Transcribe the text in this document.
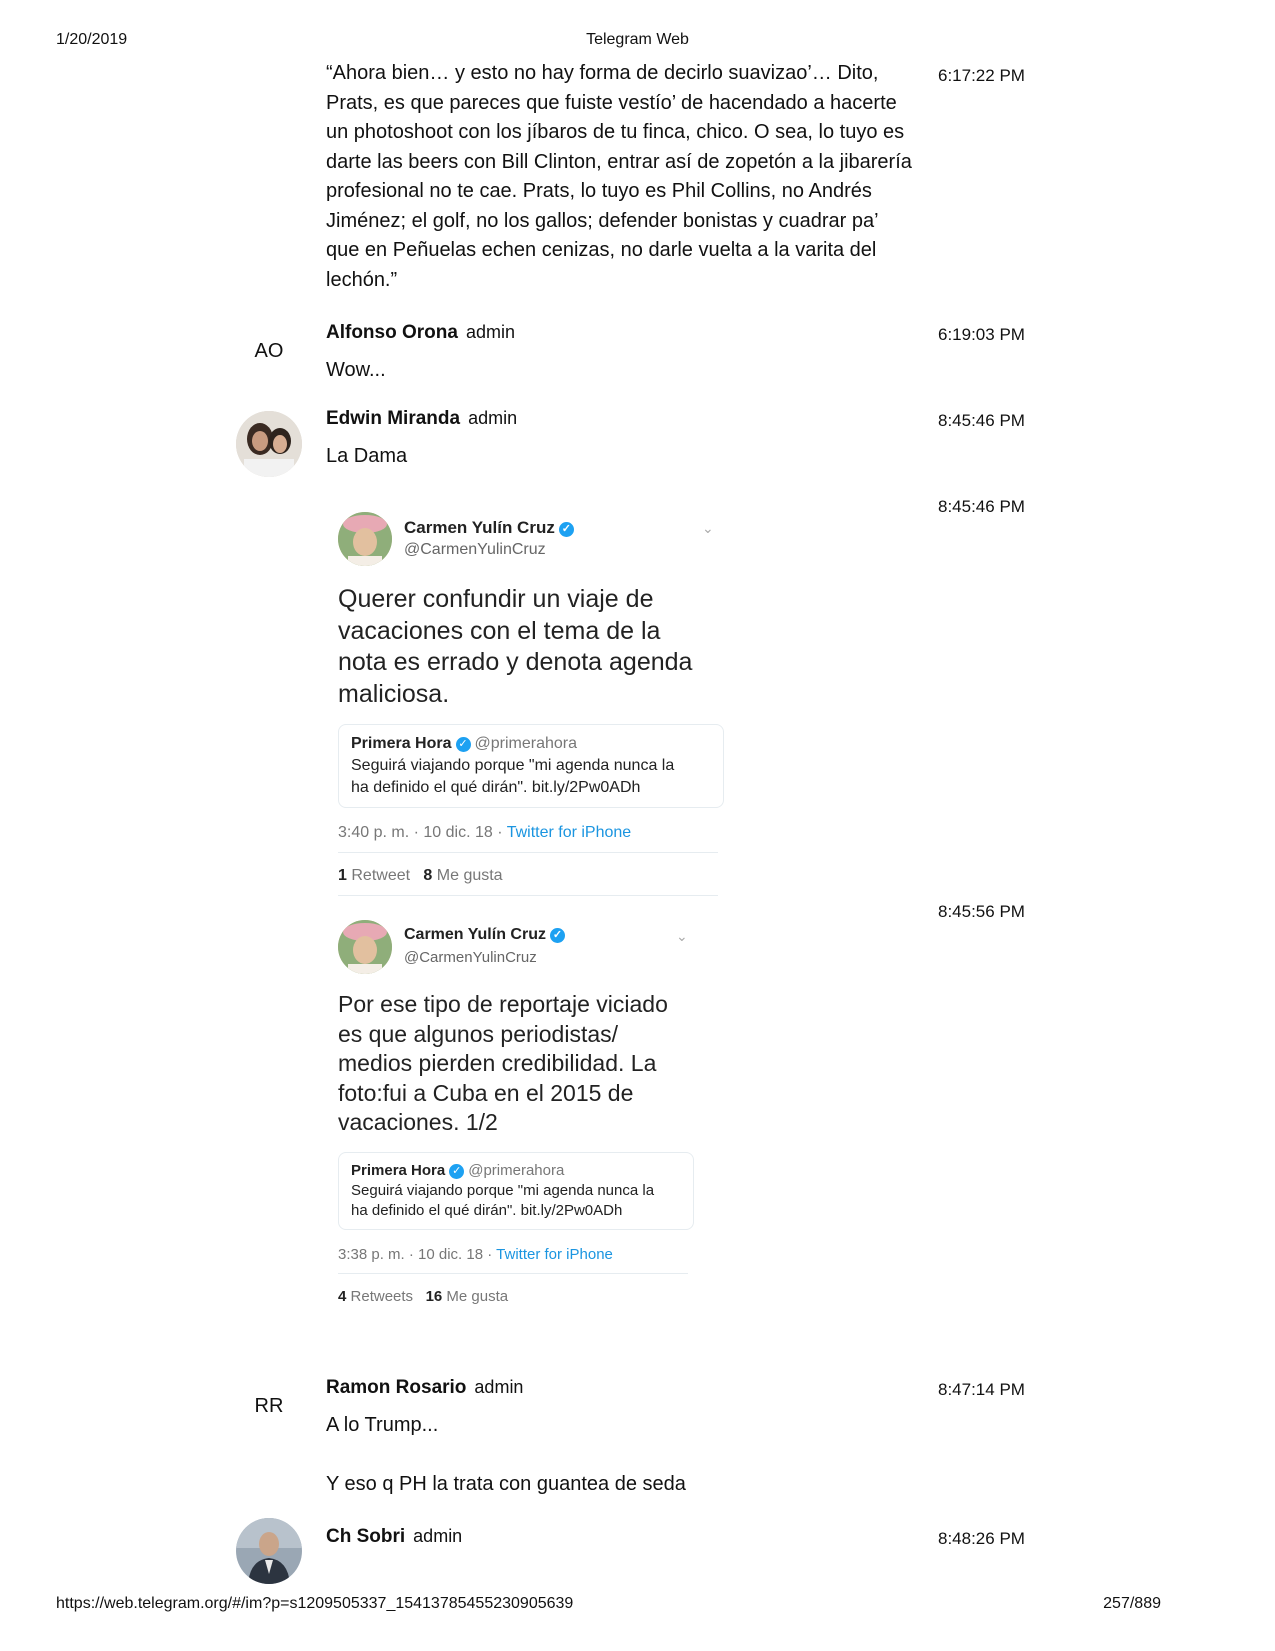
1/20/2019	Telegram Web
“Ahora bien… y esto no hay forma de decirlo suavizao’… Dito,
Prats, es que pareces que fuiste vestío’ de hacendado a hacerte
un photoshoot con los jíbaros de tu finca, chico. O sea, lo tuyo es
darte las beers con Bill Clinton, entrar así de zopetón a la jibarería
profesional no te cae. Prats, lo tuyo es Phil Collins, no Andrés
Jiménez; el golf, no los gallos; defender bonistas y cuadrar pa’
que en Peñuelas echen cenizas, no darle vuelta a la varita del
lechón.”
6:17:22 PM
AO
Alfonso Orona admin
Wow...
6:19:03 PM
Edwin Miranda admin
La Dama
8:45:46 PM
8:45:46 PM
Carmen Yulín Cruz ✓
@CarmenYulinCruz
⌄
Querer confundir un viaje de
vacaciones con el tema de la
nota es errado y denota agenda
maliciosa.
Primera Hora ✓ @primerahora
Seguirá viajando porque "mi agenda nunca la
ha definido el qué dirán". bit.ly/2Pw0ADh
3:40 p. m. · 10 dic. 18 · Twitter for iPhone
1 Retweet 8 Me gusta
8:45:56 PM
Carmen Yulín Cruz ✓
@CarmenYulinCruz
⌄
Por ese tipo de reportaje viciado
es que algunos periodistas/
medios pierden credibilidad. La
foto:fui a Cuba en el 2015 de
vacaciones. 1/2
Primera Hora ✓ @primerahora
Seguirá viajando porque "mi agenda nunca la
ha definido el qué dirán". bit.ly/2Pw0ADh
3:38 p. m. · 10 dic. 18 · Twitter for iPhone
4 Retweets 16 Me gusta
RR
Ramon Rosario admin
A lo Trump...
Y eso q PH la trata con guantea de seda
8:47:14 PM
Ch Sobri admin	8:48:26 PM
https://web.telegram.org/#/im?p=s1209505337_15413785455230905639	257/889
